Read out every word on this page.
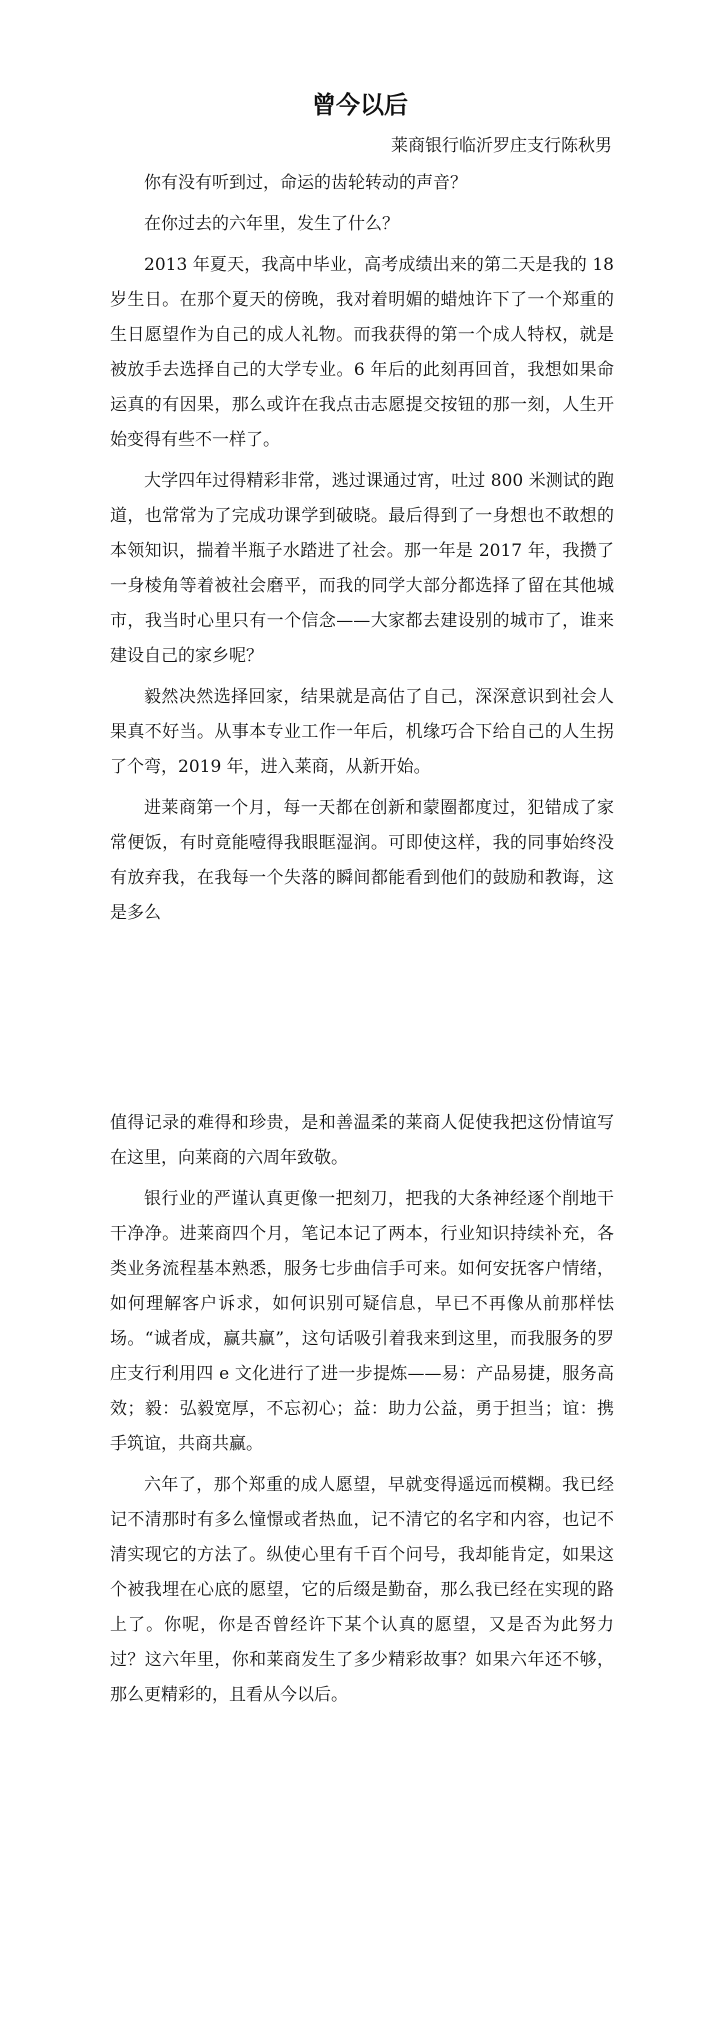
曾今以后

莱商银行临沂罗庄支行陈秋男

你有没有听到过，命运的齿轮转动的声音？

在你过去的六年里，发生了什么？

2013 年夏天，我高中毕业，高考成绩出来的第二天是我的 18 岁生日。在那个夏天的傍晚，我对着明媚的蜡烛许下了一个郑重的生日愿望作为自己的成人礼物。而我获得的第一个成人特权，就是被放手去选择自己的大学专业。6 年后的此刻再回首，我想如果命运真的有因果，那么或许在我点击志愿提交按钮的那一刻，人生开始变得有些不一样了。

大学四年过得精彩非常，逃过课通过宵，吐过 800 米测试的跑道，也常常为了完成功课学到破晓。最后得到了一身想也不敢想的本领知识，揣着半瓶子水踏进了社会。那一年是 2017 年，我攒了一身棱角等着被社会磨平，而我的同学大部分都选择了留在其他城市，我当时心里只有一个信念——大家都去建设别的城市了，谁来建设自己的家乡呢？

毅然决然选择回家，结果就是高估了自己，深深意识到社会人果真不好当。从事本专业工作一年后，机缘巧合下给自己的人生拐了个弯，2019 年，进入莱商，从新开始。

进莱商第一个月，每一天都在创新和蒙圈都度过，犯错成了家常便饭，有时竟能噎得我眼眶湿润。可即使这样，我的同事始终没有放弃我，在我每一个失落的瞬间都能看到他们的鼓励和教诲，这是多么

值得记录的难得和珍贵，是和善温柔的莱商人促使我把这份情谊写在这里，向莱商的六周年致敬。

银行业的严谨认真更像一把刻刀，把我的大条神经逐个削地干干净净。进莱商四个月，笔记本记了两本，行业知识持续补充，各类业务流程基本熟悉，服务七步曲信手可来。如何安抚客户情绪，如何理解客户诉求，如何识别可疑信息，早已不再像从前那样怯场。“诚者成，赢共赢”，这句话吸引着我来到这里，而我服务的罗庄支行利用四 e 文化进行了进一步提炼——易：产品易捷，服务高效；毅：弘毅宽厚，不忘初心；益：助力公益，勇于担当；谊：携手筑谊，共商共赢。

六年了，那个郑重的成人愿望，早就变得遥远而模糊。我已经记不清那时有多么憧憬或者热血，记不清它的名字和内容，也记不清实现它的方法了。纵使心里有千百个问号，我却能肯定，如果这个被我埋在心底的愿望，它的后缀是勤奋，那么我已经在实现的路上了。你呢，你是否曾经许下某个认真的愿望，又是否为此努力过？这六年里，你和莱商发生了多少精彩故事？如果六年还不够，那么更精彩的，且看从今以后。
